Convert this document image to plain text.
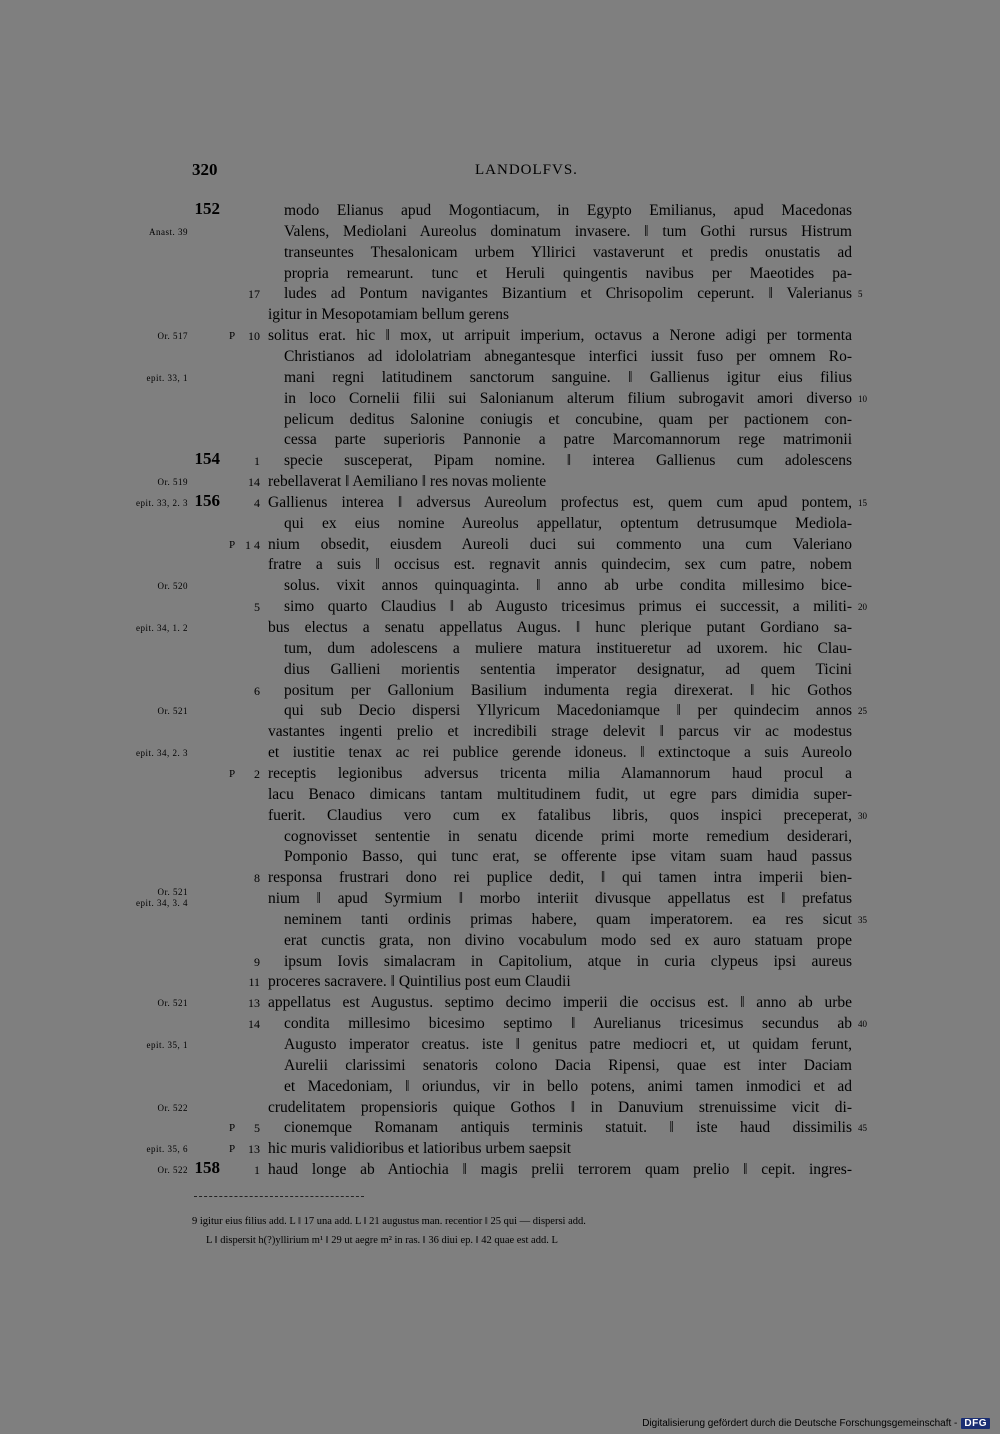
320	LANDOLFVS.
152	modo Elianus apud Mogontiacum, in Egypto Emilianus, apud Macedonas
Anast. 39	Valens, Mediolani Aureolus dominatum invasere. ‖ tum Gothi rursus Histrum
transeuntes Thesalonicam urbem Yllirici vastaverunt et predis onustatis ad
propria remearunt. tunc et Heruli quingentis navibus per Maeotides pa-
17 ludes ad Pontum navigantes Bizantium et Chrisopolim ceperunt. ‖ Valerianus 5
igitur in Mesopotamiam bellum gerens
Or. 517	P 10 solitus erat. hic ‖ mox, ut arripuit imperium, octavus a Nerone adigi per tormenta
Christianos ad idololatriam abnegantesque interfici iussit fuso per omnem Ro-
epit. 33, 1	mani regni latitudinem sanctorum sanguine. ‖ Gallienus igitur eius filius
in loco Cornelii filii sui Salonianum alterum filium subrogavit amori diverso 10
pelicum deditus Salonine coniugis et concubine, quam per pactionem con-
cessa parte superioris Pannonie a patre Marcomannorum rege matrimonii
154	1 specie susceperat, Pipam nomine. ‖ interea Gallienus cum adolescens
Or. 519	14 rebellaverat ‖ Aemiliano ‖ res novas moliente
epit. 33, 2. 3 156	4 Gallienus interea ‖ adversus Aureolum profectus est, quem cum apud pontem, 15
qui ex eius nomine Aureolus appellatur, optentum detrusumque Mediola-
P 1 4 nium obsedit, eiusdem Aureoli duci sui commento una cum Valeriano
fratre a suis ‖ occisus est. regnavit annis quindecim, sex cum patre, nobem
Or. 520	solus. vixit annos quinquaginta. ‖ anno ab urbe condita millesimo bice-
5 simo quarto Claudius ‖ ab Augusto tricesimus primus ei successit, a militi- 20
epit. 34, 1. 2	bus electus a senatu appellatus Augus. ‖ hunc plerique putant Gordiano sa-
tum, dum adolescens a muliere matura institueretur ad uxorem. hic Clau-
dius Gallieni morientis sententia imperator designatur, ad quem Ticini
6 positum per Gallonium Basilium indumenta regia direxerat. ‖ hic Gothos
Or. 521	qui sub Decio dispersi Yllyricum Macedoniamque ‖ per quindecim annos 25
vastantes ingenti prelio et incredibili strage delevit ‖ parcus vir ac modestus
epit. 34, 2. 3	et iustitie tenax ac rei publice gerende idoneus. ‖ extinctoque a suis Aureolo
P 2 receptis legionibus adversus tricenta milia Alamannorum haud procul a
lacu Benaco dimicans tantam multitudinem fudit, ut egre pars dimidia super-
fuerit. Claudius vero cum ex fatalibus libris, quos inspici preceperat, 30
cognovisset sententie in senatu dicende primi morte remedium desiderari,
Pomponio Basso, qui tunc erat, se offerente ipse vitam suam haud passus
8 responsa frustrari dono rei puplice dedit, ‖ qui tamen intra imperii bien-
Or. 521
epit. 34, 3. 4	nium ‖ apud Syrmium ‖ morbo interiit divusque appellatus est ‖ prefatus
neminem tanti ordinis primas habere, quam imperatorem. ea res sicut 35
erat cunctis grata, non divino vocabulum modo sed ex auro statuam prope
9 ipsum Iovis simalacram in Capitolium, atque in curia clypeus ipsi aureus
11 proceres sacravere. ‖ Quintilius post eum Claudii
Or. 521	13 appellatus est Augustus. septimo decimo imperii die occisus est. ‖ anno ab urbe
14 condita millesimo bicesimo septimo ‖ Aurelianus tricesimus secundus ab 40
epit. 35, 1	Augusto imperator creatus. iste ‖ genitus patre mediocri et, ut quidam ferunt,
Aurelii clarissimi senatoris colono Dacia Ripensi, quae est inter Daciam
et Macedoniam, ‖ oriundus, vir in bello potens, animi tamen inmodici et ad
Or. 522	crudelitatem propensioris quique Gothos ‖ in Danuvium strenuissime vicit di-
P 5 cionemque Romanam antiquis terminis statuit. ‖ iste haud dissimilis 45
epit. 35, 6	P 13 hic muris validioribus et latioribus urbem saepsit
Or. 522 158	1 haud longe ab Antiochia ‖ magis prelii terrorem quam prelio ‖ cepit. ingres-
9 igitur eius filius add. L ‖ 17 una add. L ‖ 21 augustus man. recentior ‖ 25 qui — dispersi add.
L ‖ dispersit h(?)yllirium m¹ ‖ 29 ut aegre m² in ras. ‖ 36 diui ep. ‖ 42 quae est add. L
Digitalisierung gefördert durch die Deutsche Forschungsgemeinschaft - DFG
